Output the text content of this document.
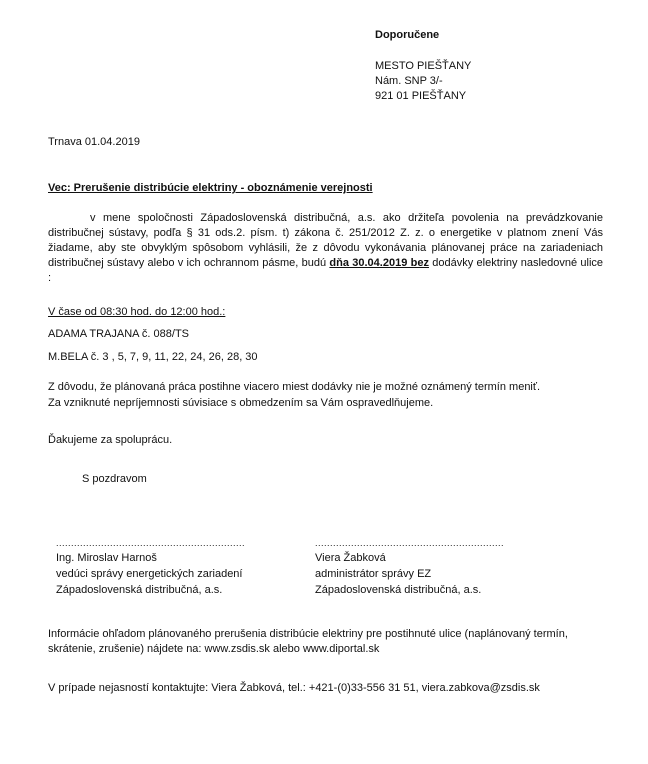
Doporučene
MESTO PIEŠŤANY
Nám. SNP 3/-
921 01 PIEŠŤANY
Trnava 01.04.2019
Vec: Prerušenie distribúcie elektriny - oboznámenie verejnosti
v mene spoločnosti Západoslovenská distribučná, a.s. ako držiteľa povolenia na prevádzkovanie distribučnej sústavy, podľa § 31 ods.2. písm. t) zákona č. 251/2012 Z. z. o energetike v platnom znení Vás žiadame, aby ste obvyklým spôsobom vyhlásili, že z dôvodu vykonávania plánovanej práce na zariadeniach distribučnej sústavy alebo v ich ochrannom pásme, budú dňa 30.04.2019 bez dodávky elektriny nasledovné ulice :
V čase od 08:30 hod. do 12:00 hod.:
ADAMA TRAJANA č. 088/TS
M.BELA č. 3 , 5, 7, 9, 11, 22, 24, 26, 28, 30
Z dôvodu, že plánovaná práca postihne viacero miest dodávky nie je možné oznámený termín meniť.
Za vzniknuté nepríjemnosti súvisiace s obmedzením sa Vám ospravedlňujeme.
Ďakujeme za spoluprácu.
S pozdravom
...............................................................	...............................................................
Ing. Miroslav Harnoš
vedúci správy energetických zariadení
Západoslovenská distribučná, a.s.
Viera Žabková
administrátor správy EZ
Západoslovenská distribučná, a.s.
Informácie ohľadom plánovaného prerušenia distribúcie elektriny pre postihnuté ulice (naplánovaný termín, skrátenie, zrušenie) nájdete na: www.zsdis.sk alebo www.diportal.sk
V prípade nejasností kontaktujte: Viera Žabková, tel.: +421-(0)33-556 31 51, viera.zabkova@zsdis.sk
